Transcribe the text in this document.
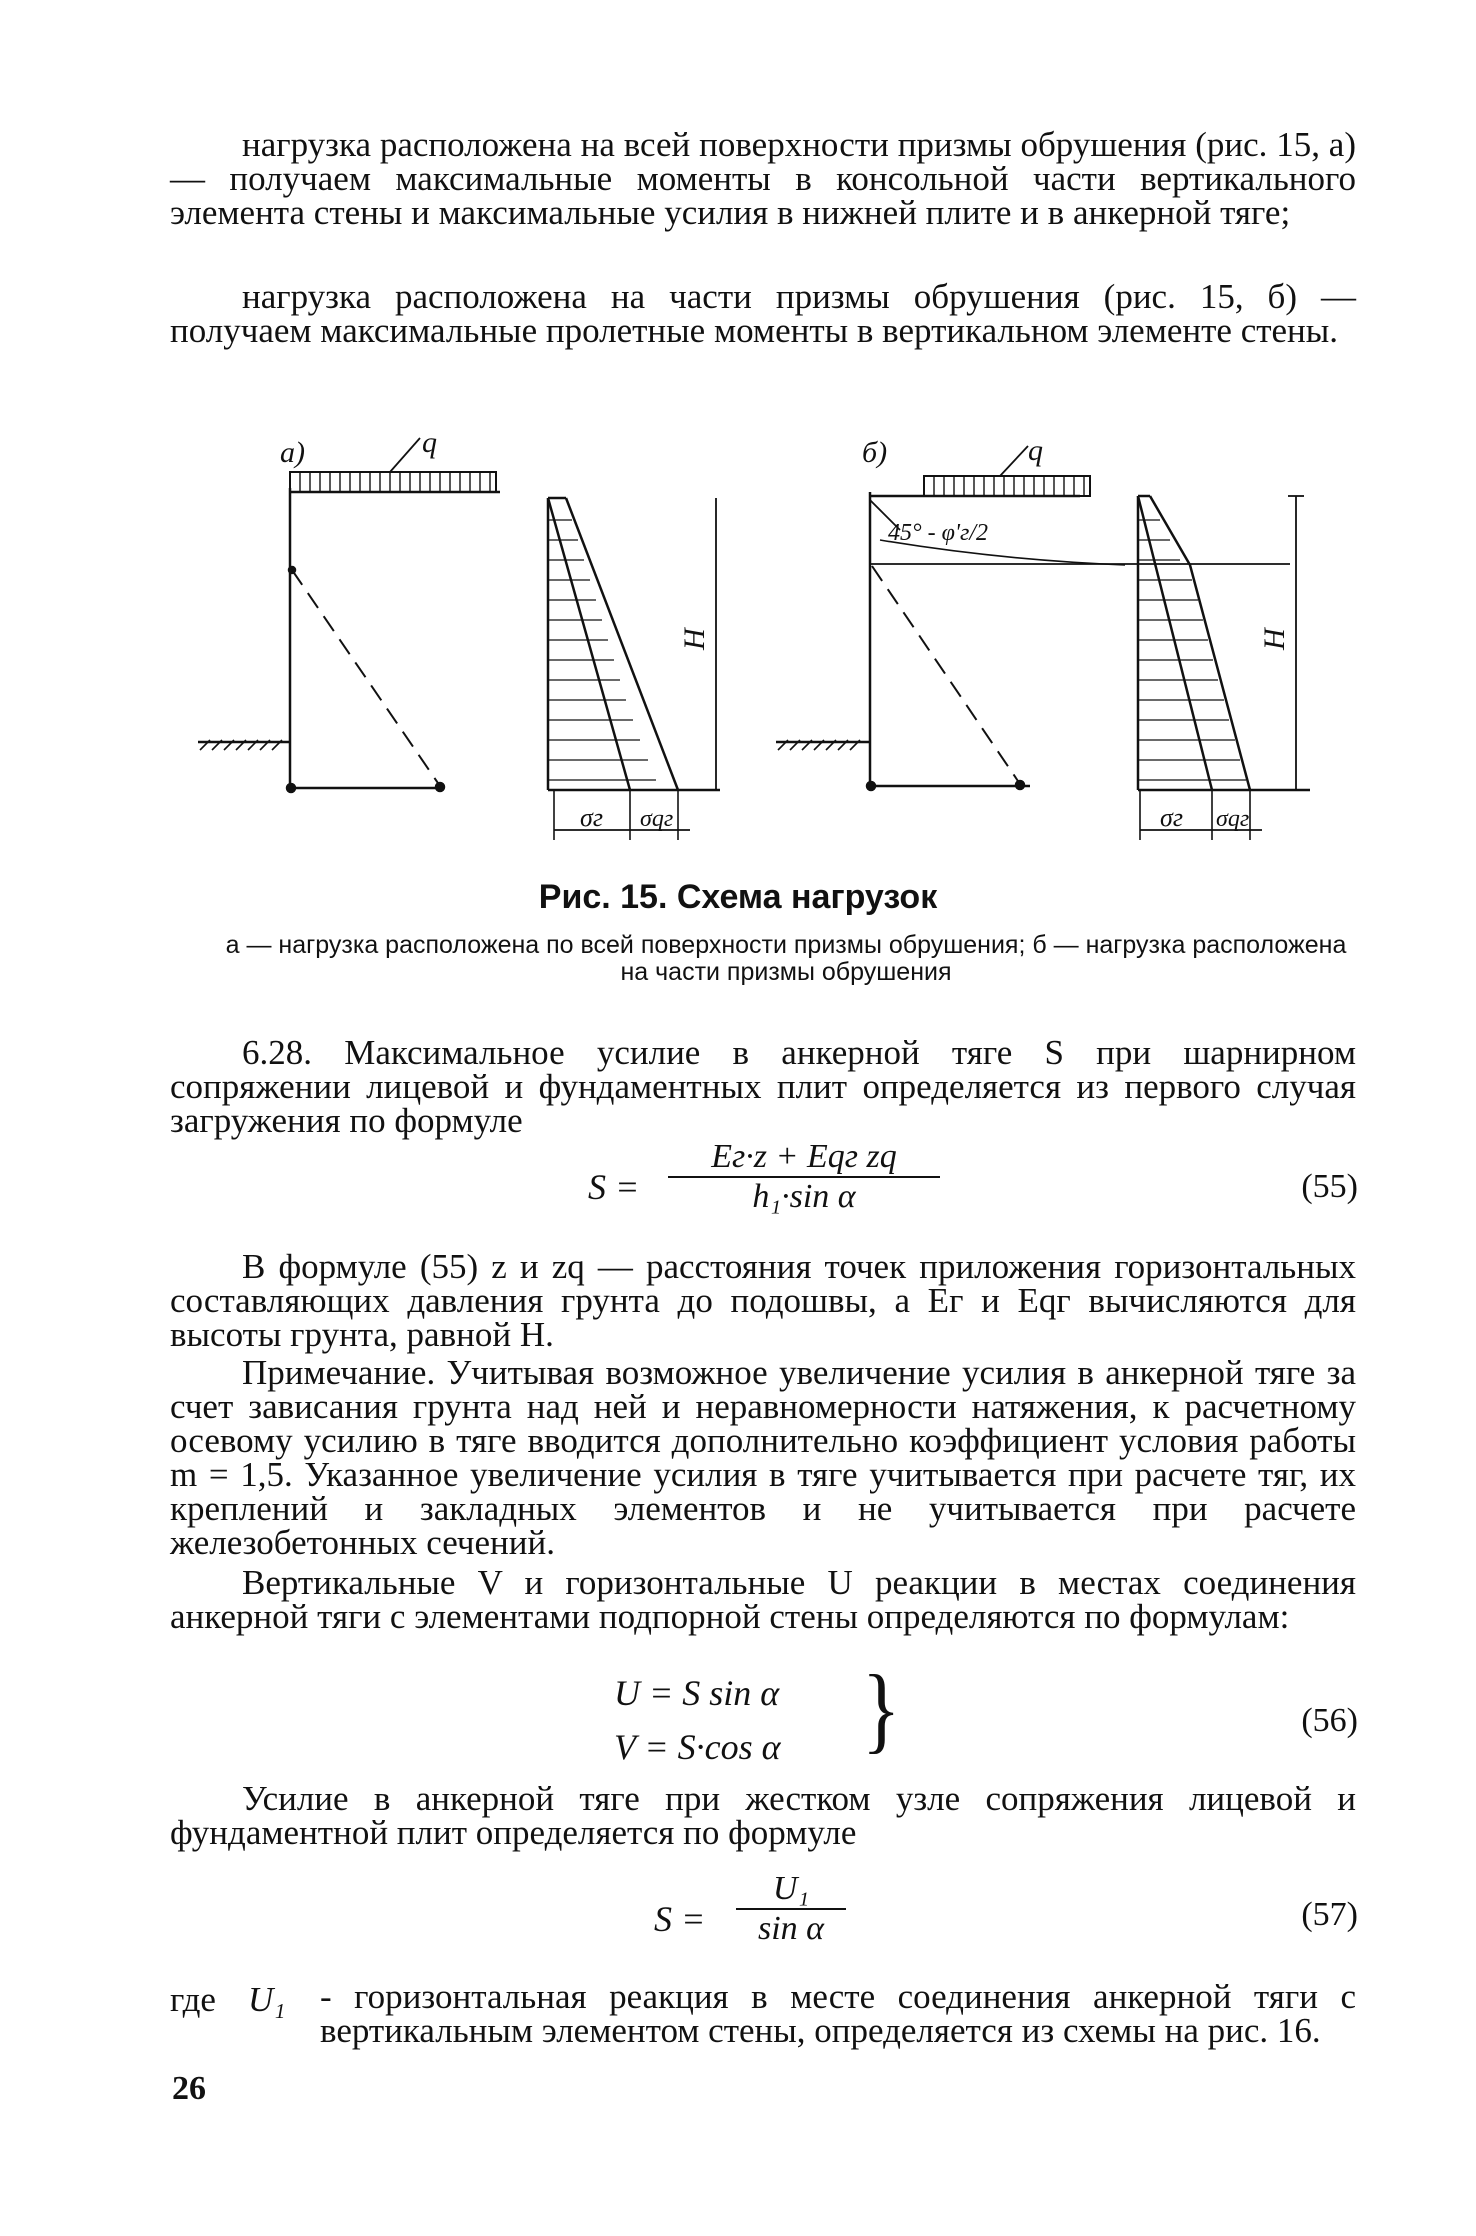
нагрузка расположена на всей поверхности призмы обрушения (рис. 15, а) — получаем максимальные моменты в консольной части вертикального элемента стены и максимальные усилия в нижней плите и в анкерной тяге;

нагрузка расположена на части призмы обрушения (рис. 15, б) — получаем максимальные пролетные моменты в вертикальном элементе стены.

а)	q
H
σг σqг
б)	q
45° - φ'г/2
H
σг σqг
Рис. 15. Схема нагрузок
а — нагрузка расположена по всей поверхности призмы обрушения; б — нагрузка расположена на части призмы обрушения

6.28. Максимальное усилие в анкерной тяге S при шарнирном сопряжении лицевой и фундаментных плит определяется из первого случая загружения по формуле

S =
Eг·z + Eqг zq
h₁·sin α	(55)

В формуле (55) z и zq — расстояния точек приложения горизонтальных составляющих давления грунта до подошвы, а Eг и Eqг вычисляются для высоты грунта, равной H.

Примечание. Учитывая возможное увеличение усилия в анкерной тяге за счет зависания грунта над ней и неравномерности натяжения, к расчетному осевому усилию в тяге вводится дополнительно коэффициент условия работы m = 1,5. Указанное увеличение усилия в тяге учитывается при расчете тяг, их креплений и закладных элементов и не учитывается при расчете железобетонных сечений.

Вертикальные V и горизонтальные U реакции в местах соединения анкерной тяги с элементами подпорной стены определяются по формулам:

U = S sin α
V = S·cos α }	(56)

Усилие в анкерной тяге при жестком узле сопряжения лицевой и фундаментной плит определяется по формуле

S =
U₁
sin α	(57)
где U₁ - горизонтальная реакция в месте соединения анкерной тяги с вертикальным элементом стены, определяется из схемы на рис. 16.
26
